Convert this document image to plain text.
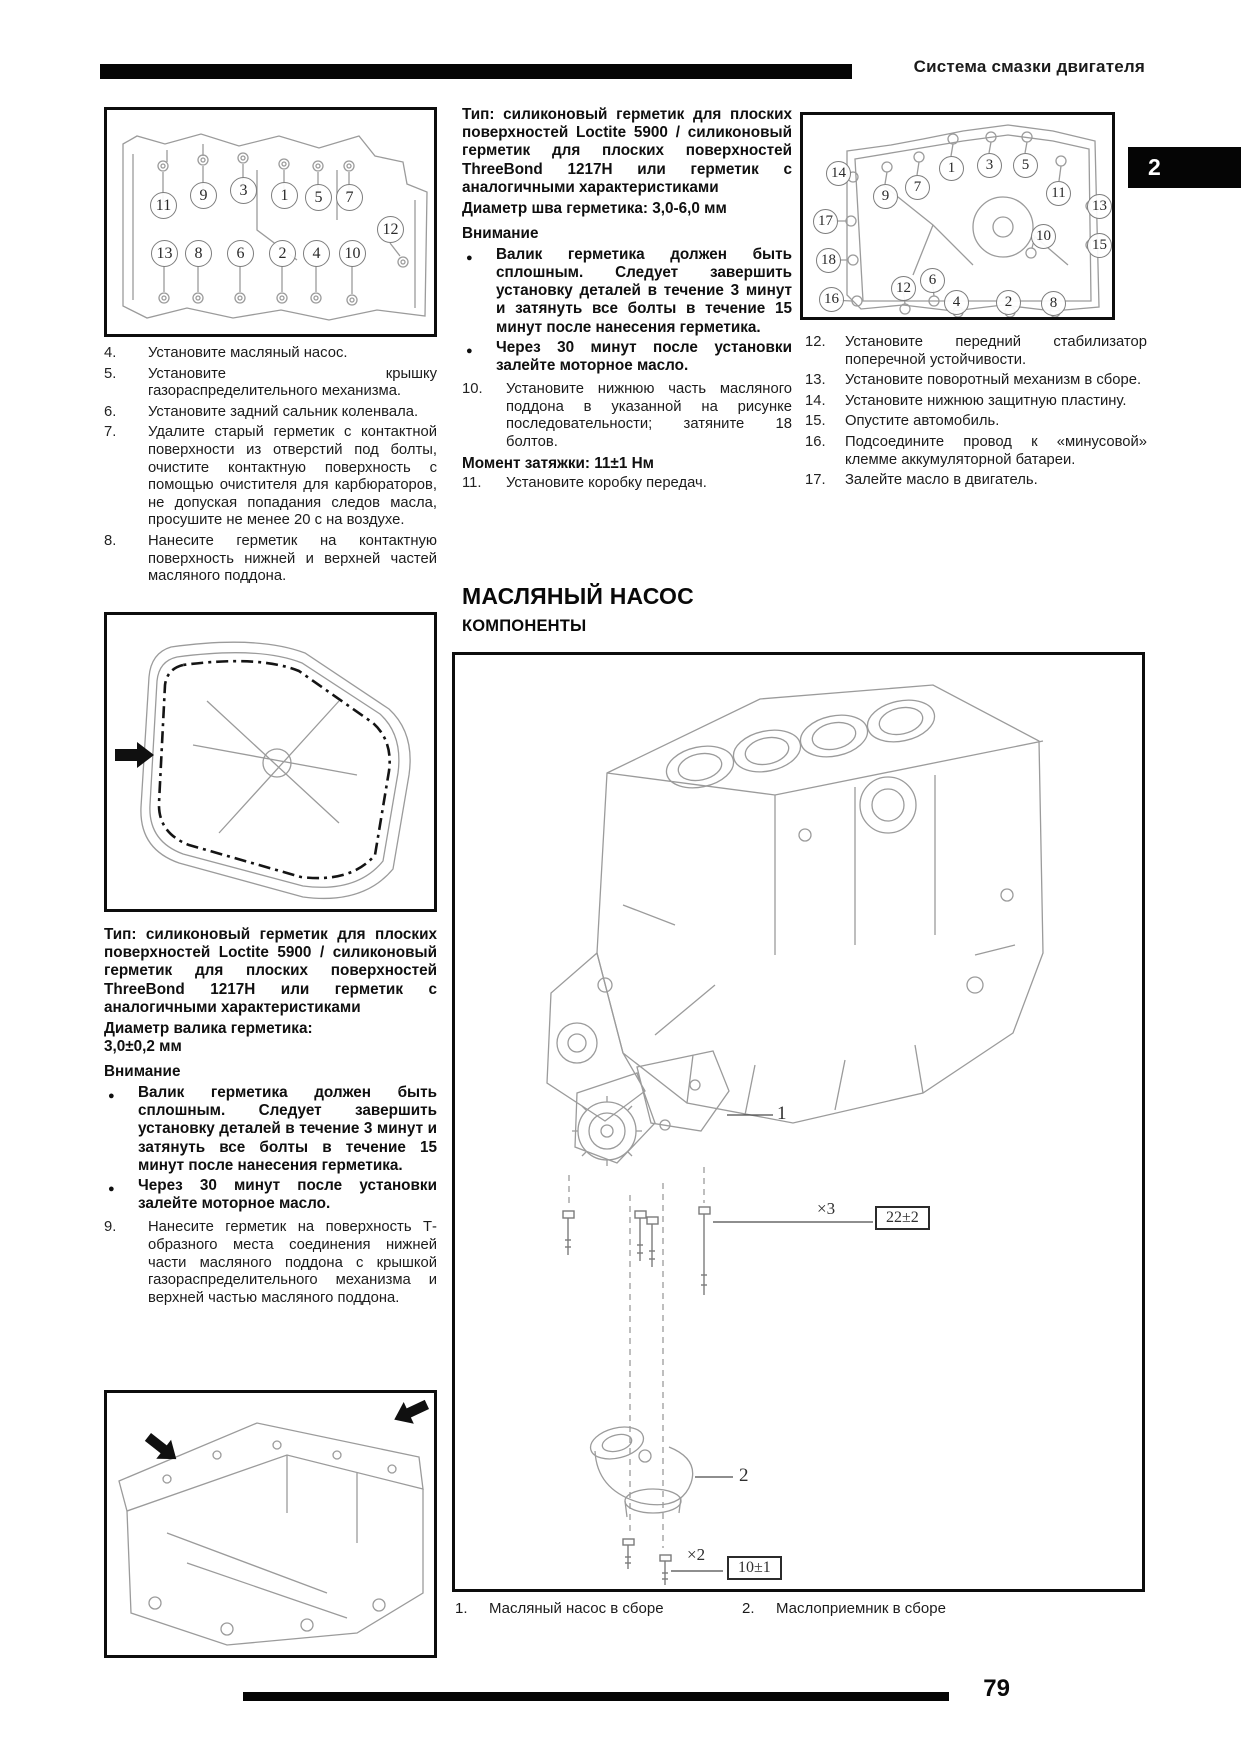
Система смазки двигателя
2
11
9	3	1	5	7
12
13	8	6	2	4	10
14
17
18
16
9
7
1	3	5
11
13
10
15
12	6
4	2	8
4.	Установите масляный насос.
5.	Установите крышку газораспределительного механизма.
6.	Установите задний сальник коленвала.
7.	Удалите старый герметик с контактной поверхности из отверстий под болты, очистите контактную поверхность с помощью очистителя для карбюраторов, не допуская попадания следов масла, просушите не менее 20 с на воздухе.
8.	Нанесите герметик на контактную поверхность нижней и верхней частей масляного поддона.
Тип: силиконовый герметик для плоских поверхностей Loctite 5900 / силиконовый герметик для плоских поверхностей ThreeBond 1217H или герметик с аналогичными характеристиками
Диаметр шва герметика: 3,0-6,0 мм
Внимание
●	Валик герметика должен быть сплошным. Следует завершить установку деталей в течение 3 минут и затянуть все болты в течение 15 минут после нанесения герметика.
●	Через 30 минут после установки залейте моторное масло.
10.	Установите нижнюю часть масляного поддона в указанной на рисунке последовательности; затяните 18 болтов.
Момент затяжки: 11±1 Нм
11.	Установите коробку передач.
12.	Установите передний стабилизатор поперечной устойчивости.
13.	Установите поворотный механизм в сборе.
14.	Установите нижнюю защитную пластину.
15.	Опустите автомобиль.
16.	Подсоедините провод к «минусовой» клемме аккумуляторной батареи.
17.	Залейте масло в двигатель.
МАСЛЯНЫЙ НАСОС
КОМПОНЕНТЫ
Тип: силиконовый герметик для плоских поверхностей Loctite 5900 / силиконовый герметик для плоских поверхностей ThreeBond 1217H или герметик с аналогичными характеристиками
Диаметр валика герметика:
3,0±0,2 мм
Внимание
●	Валик герметика должен быть сплошным. Следует завершить установку деталей в течение 3 минут и затянуть все болты в течение 15 минут после нанесения герметика.
●	Через 30 минут после установки залейте моторное масло.
9.	Нанесите герметик на поверхность Т-образного места соединения нижней части масляного поддона с крышкой газораспределительного механизма и верхней частью масляного поддона.
1
×3	22±2
2
×2
10±1
1.	Масляный насос в сборе	2.	Маслоприемник в сборе
79
